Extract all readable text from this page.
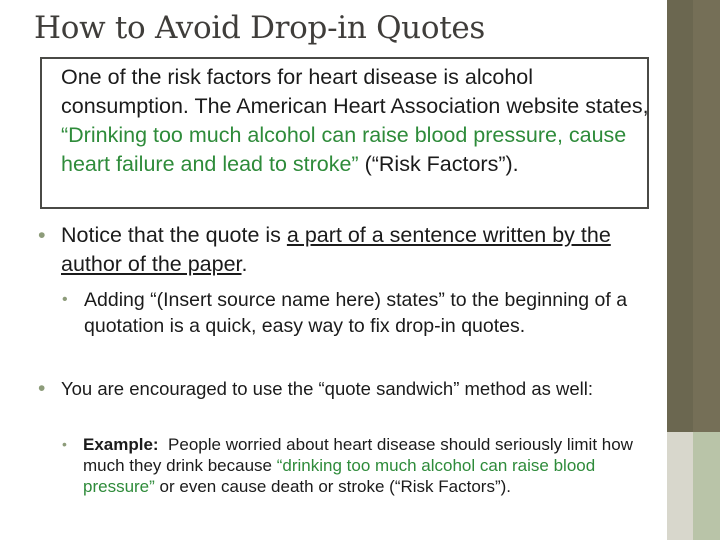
How to Avoid Drop-in Quotes
One of the risk factors for heart disease is alcohol consumption. The American Heart Association website states, “Drinking too much alcohol can raise blood pressure, cause heart failure and lead to stroke” (“Risk Factors”).
• Notice that the quote is a part of a sentence written by the author of the paper.
• Adding “(Insert source name here) states” to the beginning of a quotation is a quick, easy way to fix drop-in quotes.
• You are encouraged to use the “quote sandwich” method as well:
• Example:  People worried about heart disease should seriously limit how much they drink because “drinking too much alcohol can raise blood pressure” or even cause death or stroke (“Risk Factors”).
